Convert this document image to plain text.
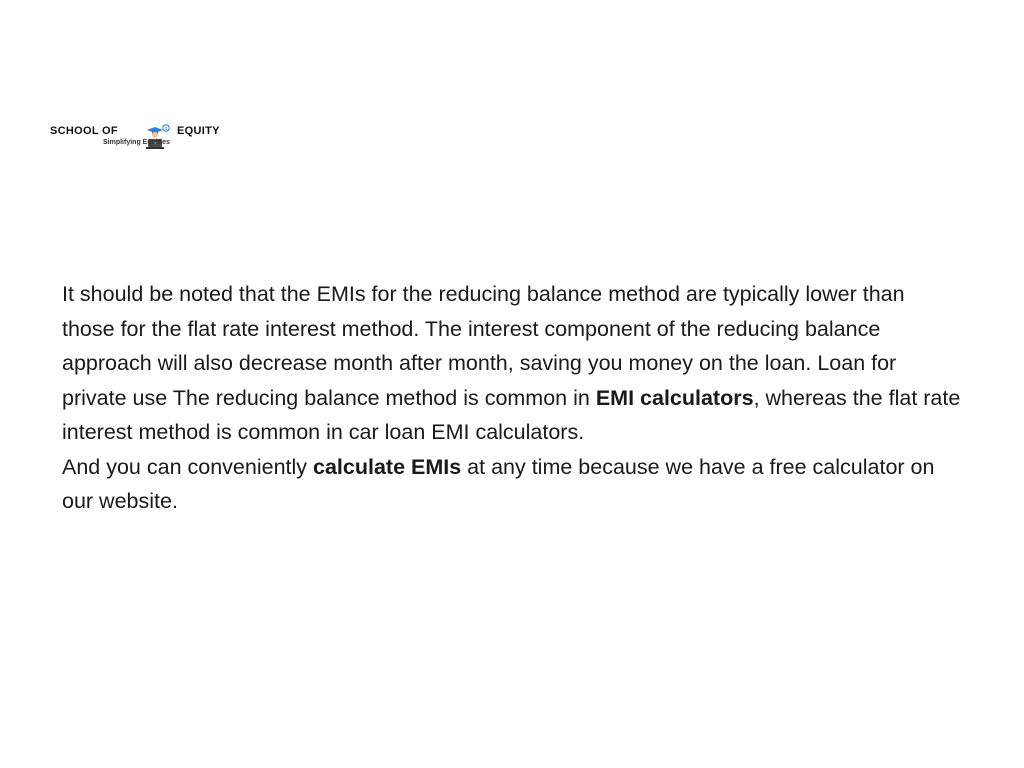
SCHOOL OF	$ EQUITY
Simplifying Equities

It should be noted that the EMIs for the reducing balance method are typically lower than those for the flat rate interest method. The interest component of the reducing balance approach will also decrease month after month, saving you money on the loan. Loan for private use The reducing balance method is common in EMI calculators, whereas the flat rate interest method is common in car loan EMI calculators.

And you can conveniently calculate EMIs at any time because we have a free calculator on our website.
